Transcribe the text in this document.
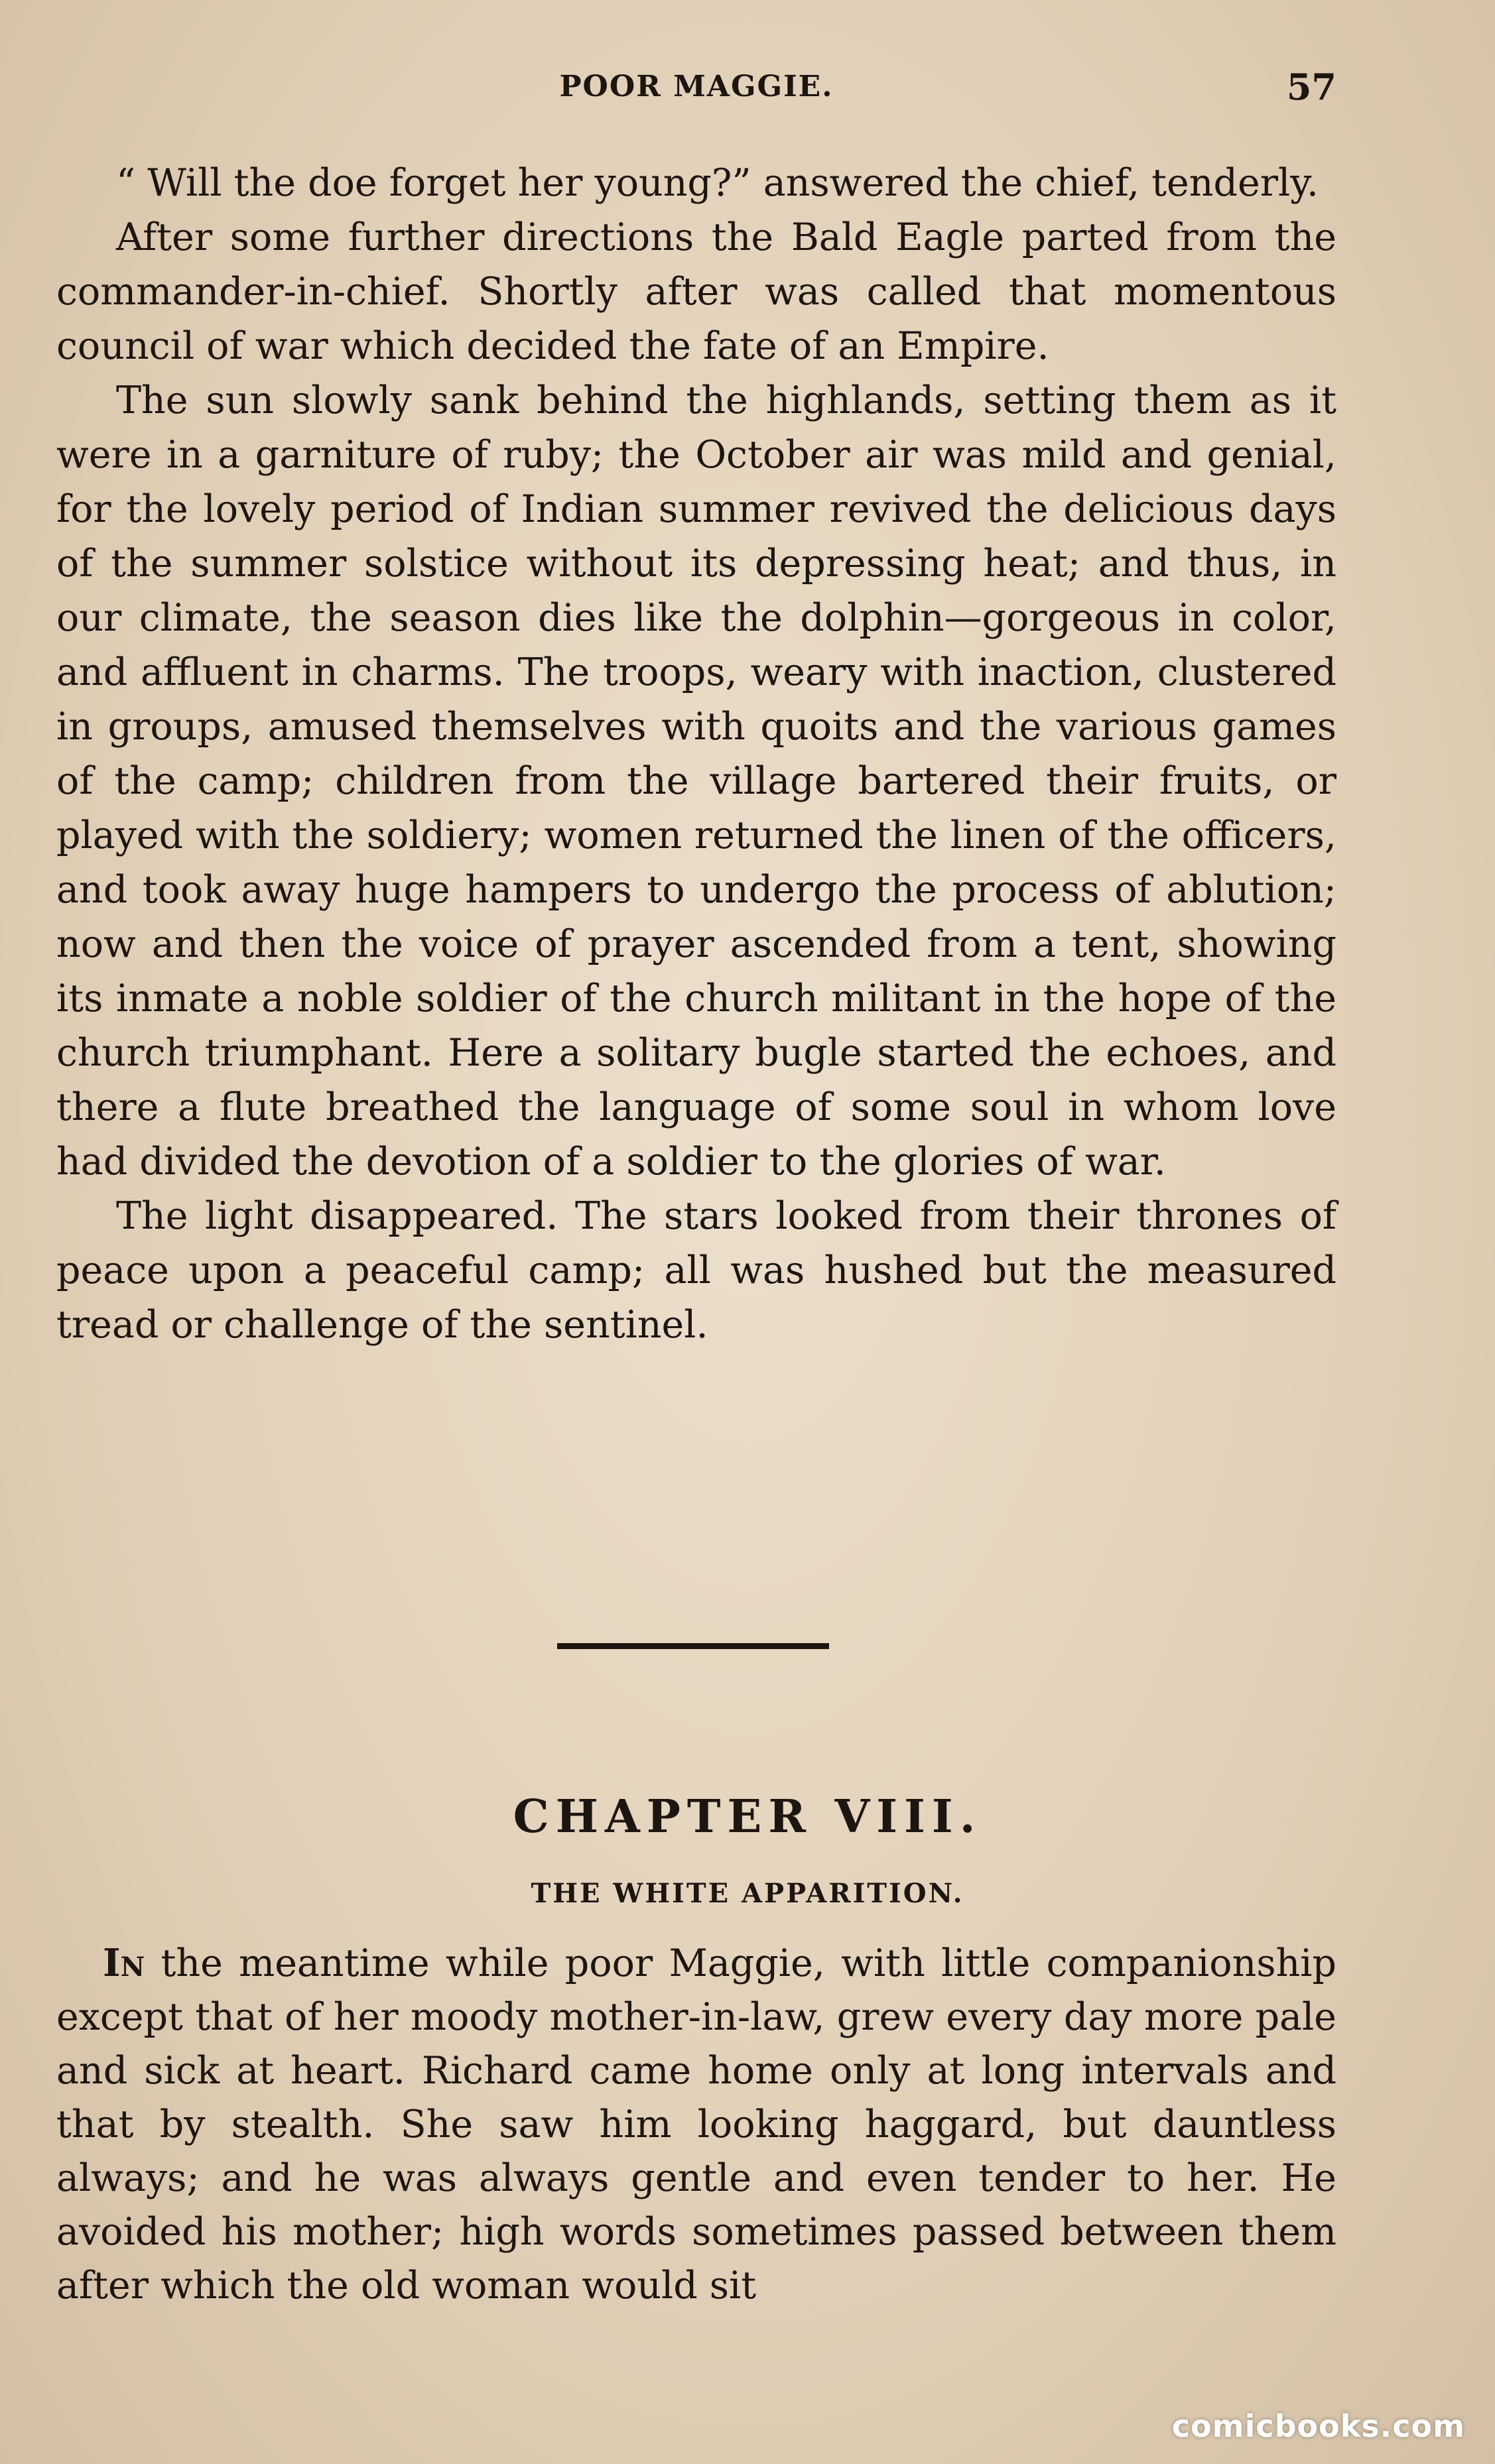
POOR MAGGIE.	57

“ Will the doe forget her young?” answered the chief, tenderly.

After some further directions the Bald Eagle parted from the commander-in-chief. Shortly after was called that momentous council of war which decided the fate of an Empire.

The sun slowly sank behind the highlands, setting them as it were in a garniture of ruby; the October air was mild and genial, for the lovely period of Indian summer revived the delicious days of the summer solstice without its depressing heat; and thus, in our climate, the season dies like the dolphin—gorgeous in color, and affluent in charms. The troops, weary with inaction, clustered in groups, amused themselves with quoits and the various games of the camp; children from the village bartered their fruits, or played with the soldiery; women returned the linen of the officers, and took away huge hampers to undergo the process of ablution; now and then the voice of prayer ascended from a tent, showing its inmate a noble soldier of the church militant in the hope of the church triumphant. Here a solitary bugle started the echoes, and there a flute breathed the language of some soul in whom love had divided the devotion of a soldier to the glories of war.

The light disappeared. The stars looked from their thrones of peace upon a peaceful camp; all was hushed but the measured tread or challenge of the sentinel.

CHAPTER VIII.
THE WHITE APPARITION.

In the meantime while poor Maggie, with little companionship except that of her moody mother-in-law, grew every day more pale and sick at heart. Richard came home only at long intervals and that by stealth. She saw him looking haggard, but dauntless always; and he was always gentle and even tender to her. He avoided his mother; high words sometimes passed between them after which the old woman would sit

comicbooks.com
